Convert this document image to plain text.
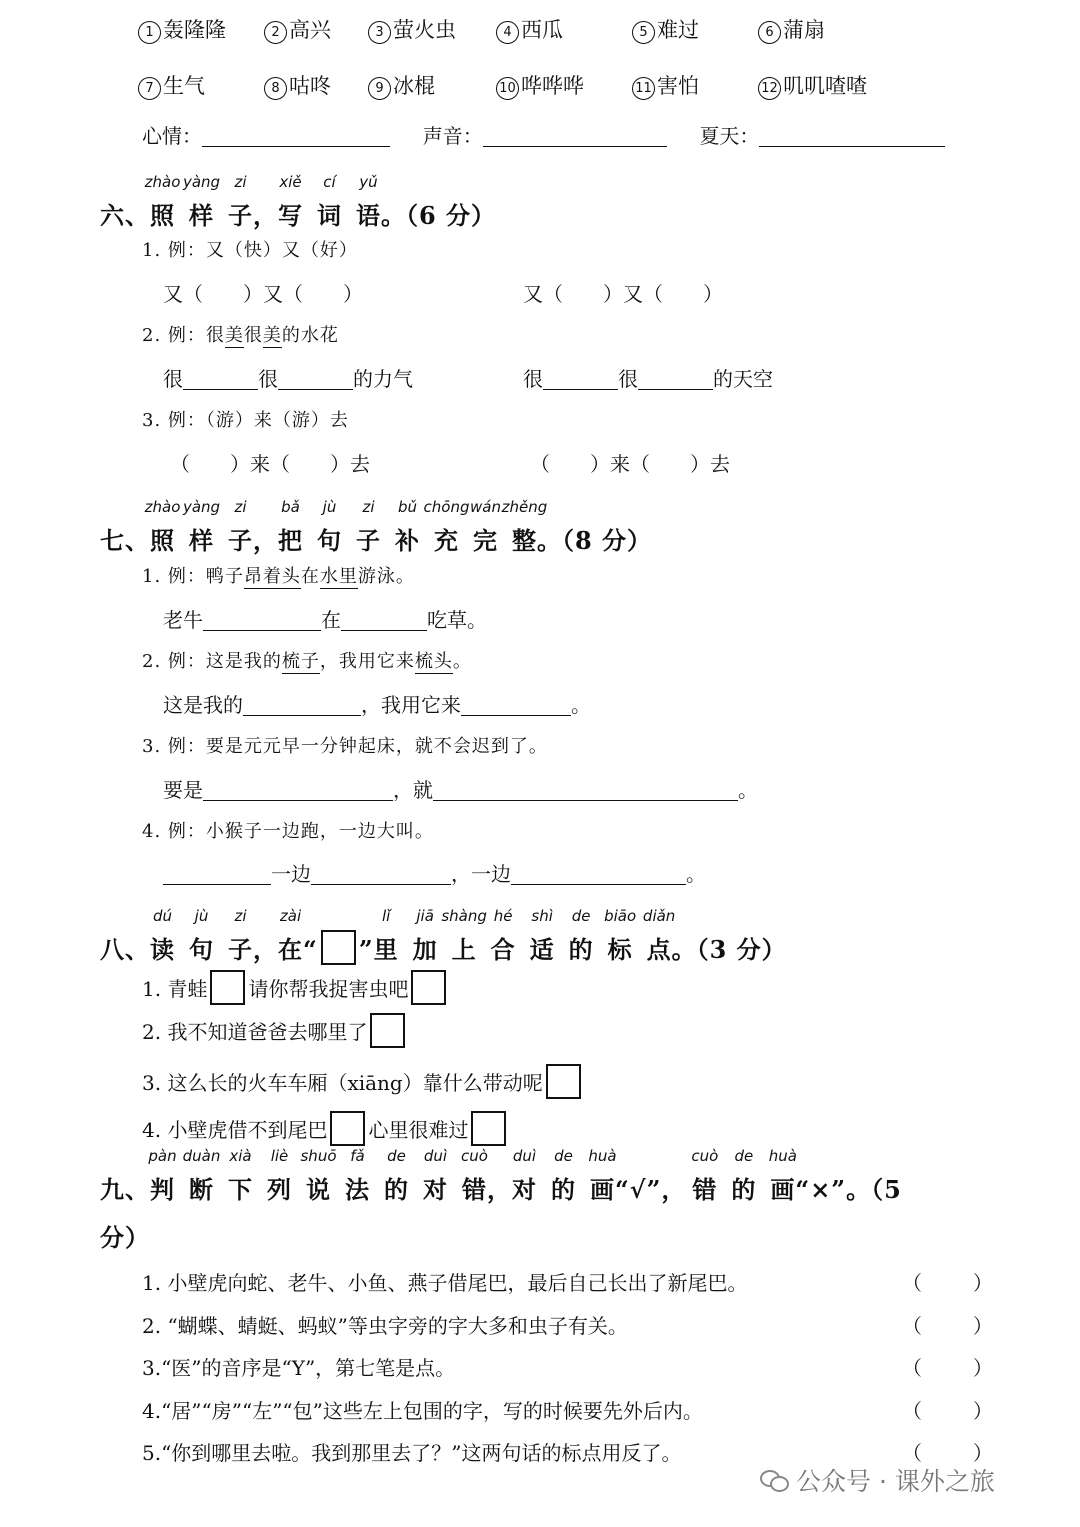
1 轰隆隆	2 高兴	3 萤火虫	4 西瓜	5 难过	6 蒲扇
7 生气	8 咕咚	9 冰棍	10 哗哗哗	11 害怕	12 叽叽喳喳
心情：	声音：	夏天：
六、
zhào
照
yàng
样
zi
子，
xiě
写
cí
词
yǔ
语。（6 分）
1. 例：又（快）又（好）
又（ ）又（ ）	又（ ）又（ ）
2. 例：很美很美的水花
很	很	的力气	很	很	的天空
3. 例：（游）来（游）去
（ ）来（ ）去	（ ）来（ ）去
七、
zhào
照
yàng
样
zi
子，
bǎ
把
jù
句
zi
子
bǔ
补
chōng
充
wán
完
zhěng
整。（8 分）
1. 例：鸭子昂着头在水里游泳。
老牛	在	吃草。
2. 例：这是我的梳子，我用它来梳头。
这是我的	，我用它来	。
3. 例：要是元元早一分钟起床，就不会迟到了。
要是	，就	。
4. 例：小猴子一边跑，一边大叫。
一边	，一边	。
八、
dú
读
jù
句
zi
子，
zài
在“ ”
lǐ
里
jiā
加
shàng
上
hé
合
shì
适
de
的
biāo
标
diǎn
点。（3 分）
1. 青蛙 请你帮我捉害虫吧
2. 我不知道爸爸去哪里了
3. 这么长的火车车厢（xiāng）靠什么带动呢
4. 小壁虎借不到尾巴 心里很难过
九、
pàn
判
duàn
断
xià
下
liè
列
shuō
说
fǎ
法
de
的
duì
对
cuò
错，
duì
对
de
的
huà
画“√”，
cuò
错
de
的
huà
画“×”。（5
分）
1. 小壁虎向蛇、老牛、小鱼、燕子借尾巴，最后自己长出了新尾巴。	（        ）
2. “蝴蝶、蜻蜓、蚂蚁”等虫字旁的字大多和虫子有关。	（        ）
3.“医”的音序是“Y”，第七笔是点。	（        ）
4.“居”“房”“左”“包”这些左上包围的字，写的时候要先外后内。	（        ）
5.“你到哪里去啦。我到那里去了？”这两句话的标点用反了。	（        ）
公众号 · 课外之旅
